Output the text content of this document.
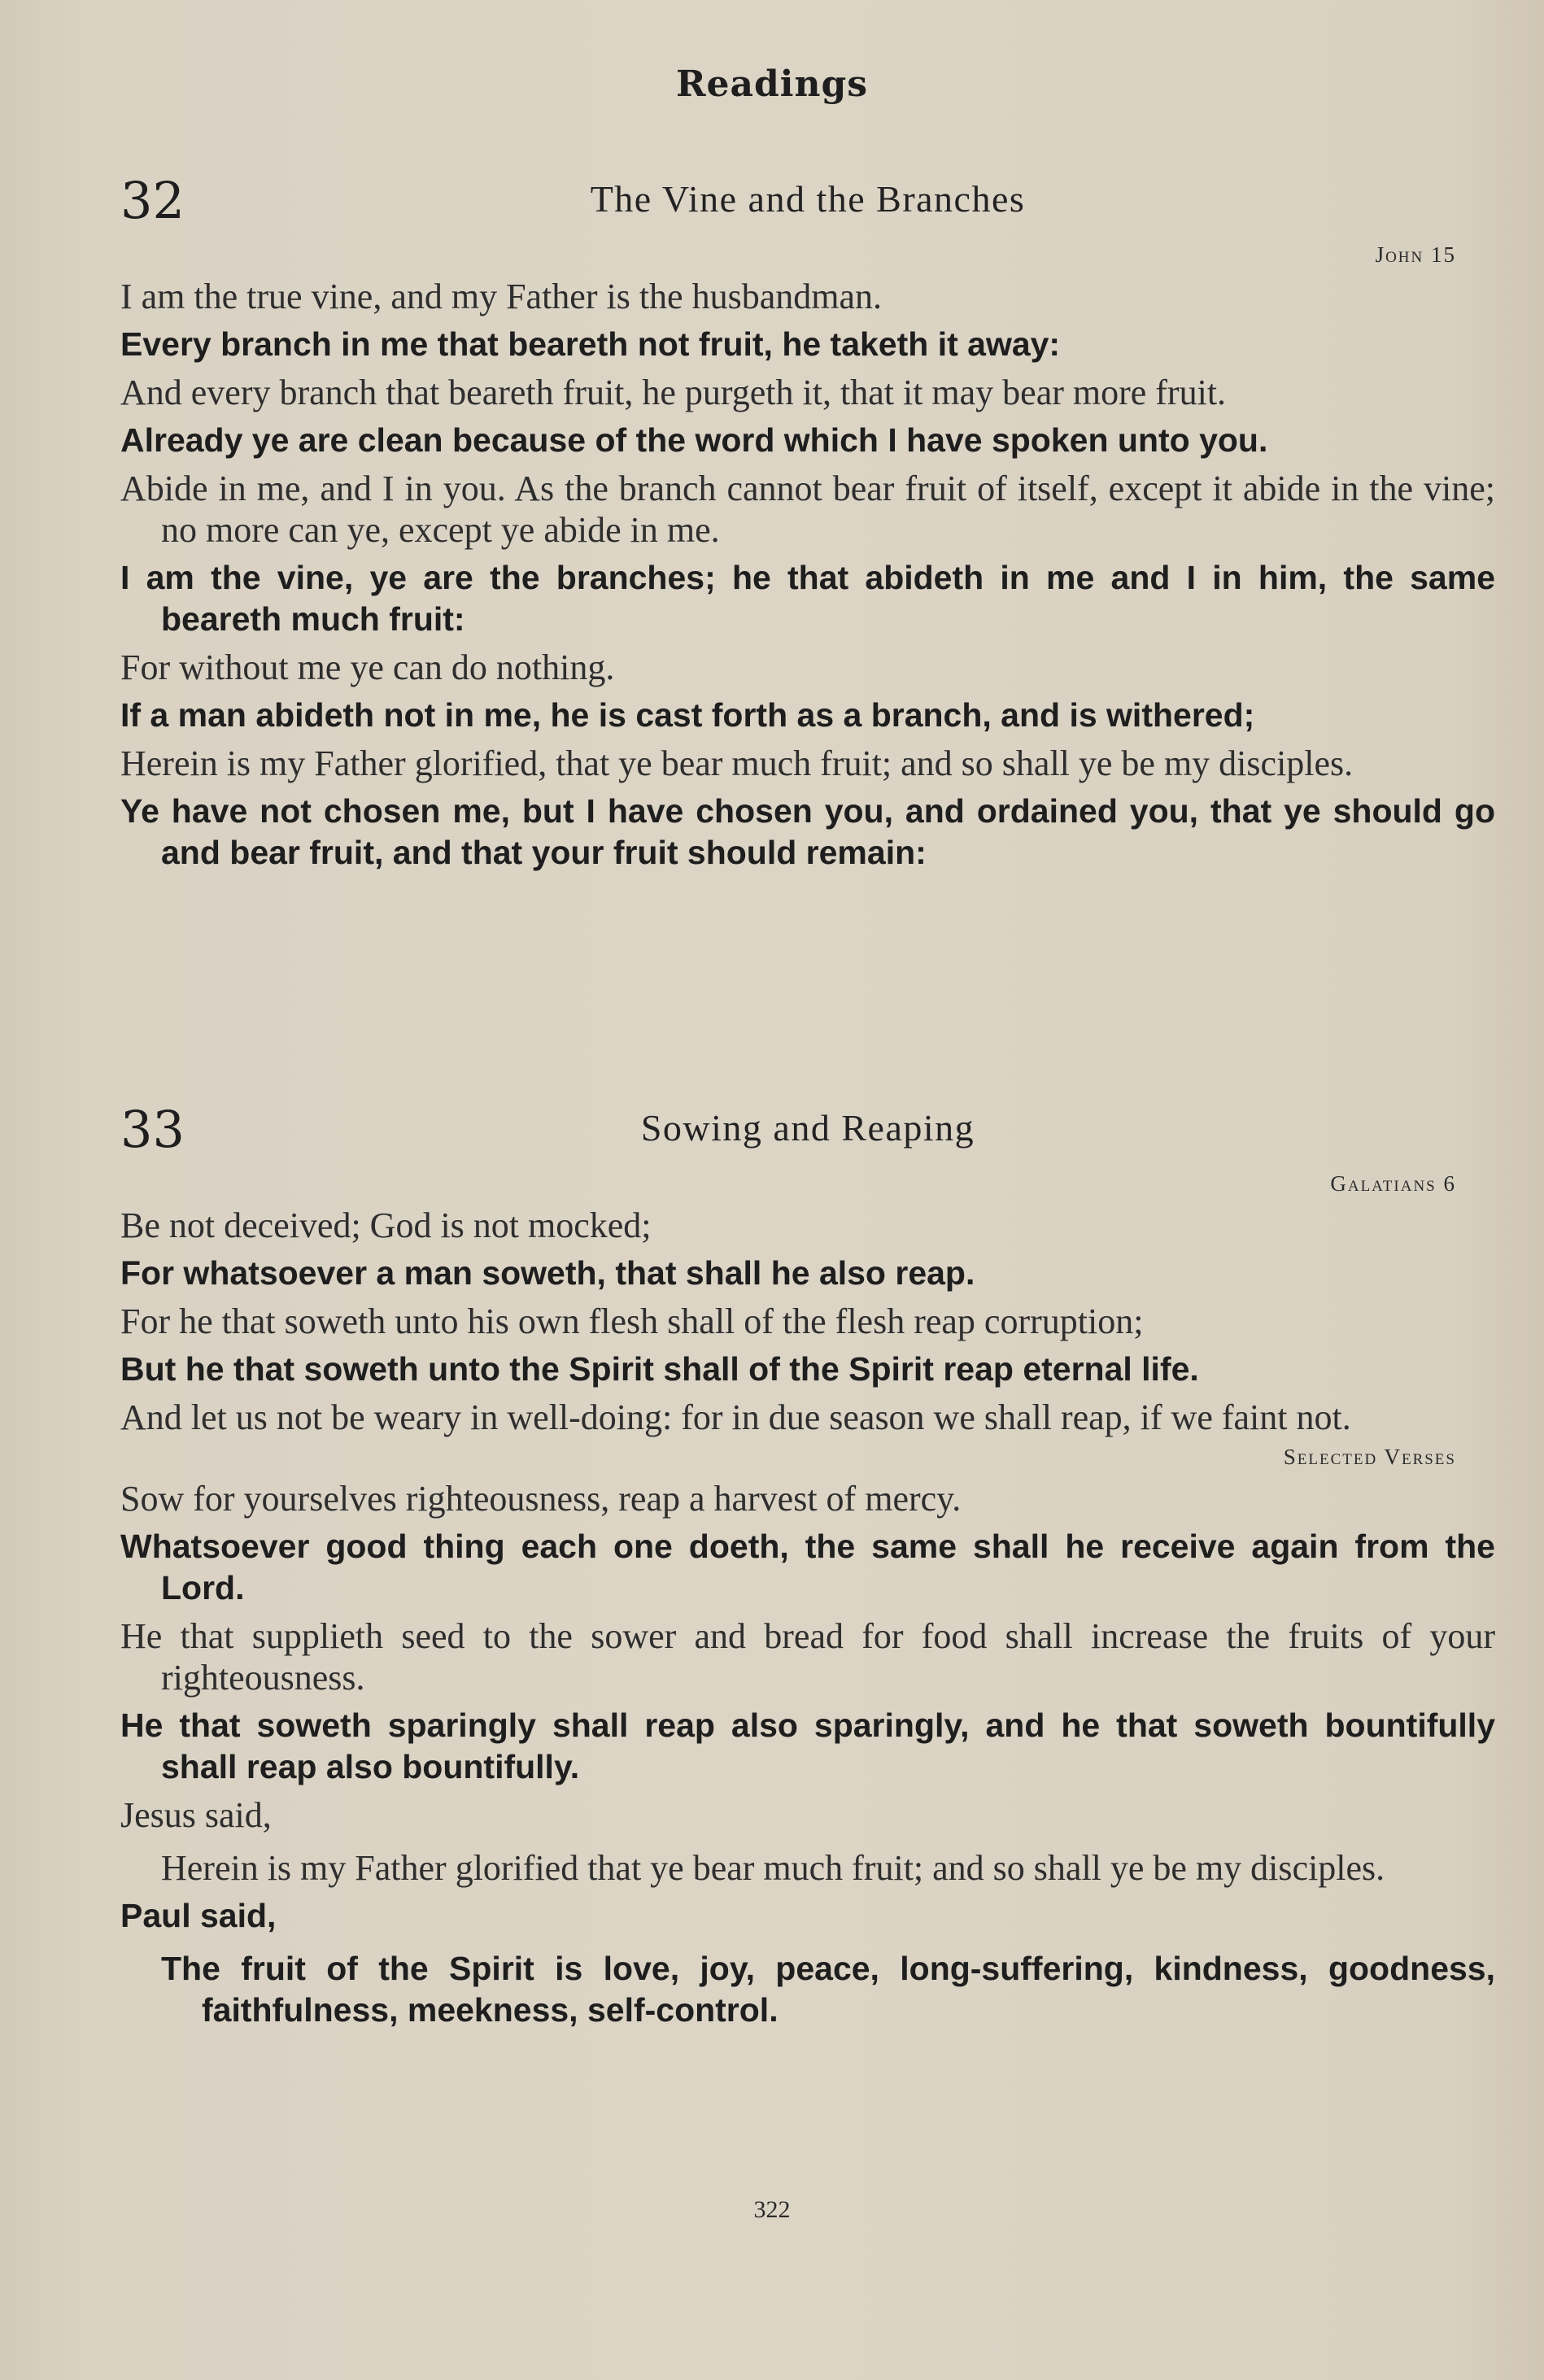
Readings
32	The Vine and the Branches
John 15

I am the true vine, and my Father is the husbandman.

Every branch in me that beareth not fruit, he taketh it away:

And every branch that beareth fruit, he purgeth it, that it may bear more fruit.

Already ye are clean because of the word which I have spoken unto you.

Abide in me, and I in you. As the branch cannot bear fruit of itself, except it abide in the vine; no more can ye, except ye abide in me.

I am the vine, ye are the branches; he that abideth in me and I in him, the same beareth much fruit:

For without me ye can do nothing.

If a man abideth not in me, he is cast forth as a branch, and is withered;

Herein is my Father glorified, that ye bear much fruit; and so shall ye be my disciples.

Ye have not chosen me, but I have chosen you, and ordained you, that ye should go and bear fruit, and that your fruit should remain:

33	Sowing and Reaping
Galatians 6

Be not deceived; God is not mocked;

For whatsoever a man soweth, that shall he also reap.

For he that soweth unto his own flesh shall of the flesh reap corruption;

But he that soweth unto the Spirit shall of the Spirit reap eternal life.

And let us not be weary in well-doing: for in due season we shall reap, if we faint not.

Selected Verses

Sow for yourselves righteousness, reap a harvest of mercy.

Whatsoever good thing each one doeth, the same shall he receive again from the Lord.

He that supplieth seed to the sower and bread for food shall increase the fruits of your righteousness.

He that soweth sparingly shall reap also sparingly, and he that soweth bountifully shall reap also bountifully.

Jesus said,

Herein is my Father glorified that ye bear much fruit; and so shall ye be my disciples.

Paul said,

The fruit of the Spirit is love, joy, peace, long-suffering, kindness, goodness, faithfulness, meekness, self-control.

322
